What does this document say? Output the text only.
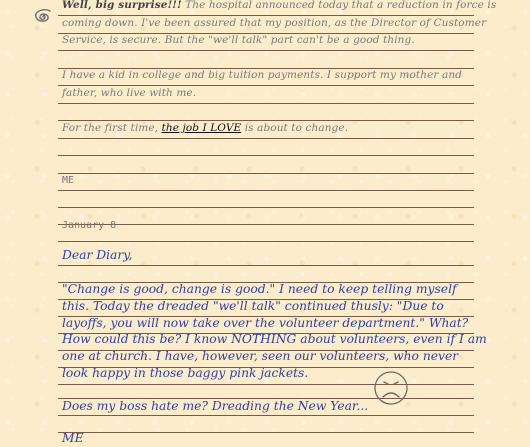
Well, big surprise!!! The hospital announced today that a reduction in force is
coming down. I've been assured that my position, as the Director of Customer
Service, is secure. But the "we'll talk" part can't be a good thing.
I have a kid in college and big tuition payments. I support my mother and
father, who live with me.
For the first time, the job I LOVE is about to change.
ME
January 8
Dear Diary,
"Change is good, change is good." I need to keep telling myself
this. Today the dreaded "we'll talk" continued thusly: "Due to
layoffs, you will now take over the volunteer department." What?
How could this be? I know NOTHING about volunteers, even if I am
one at church. I have, however, seen our volunteers, who never
look happy in those baggy pink jackets.
Does my boss hate me? Dreading the New Year...
ME
